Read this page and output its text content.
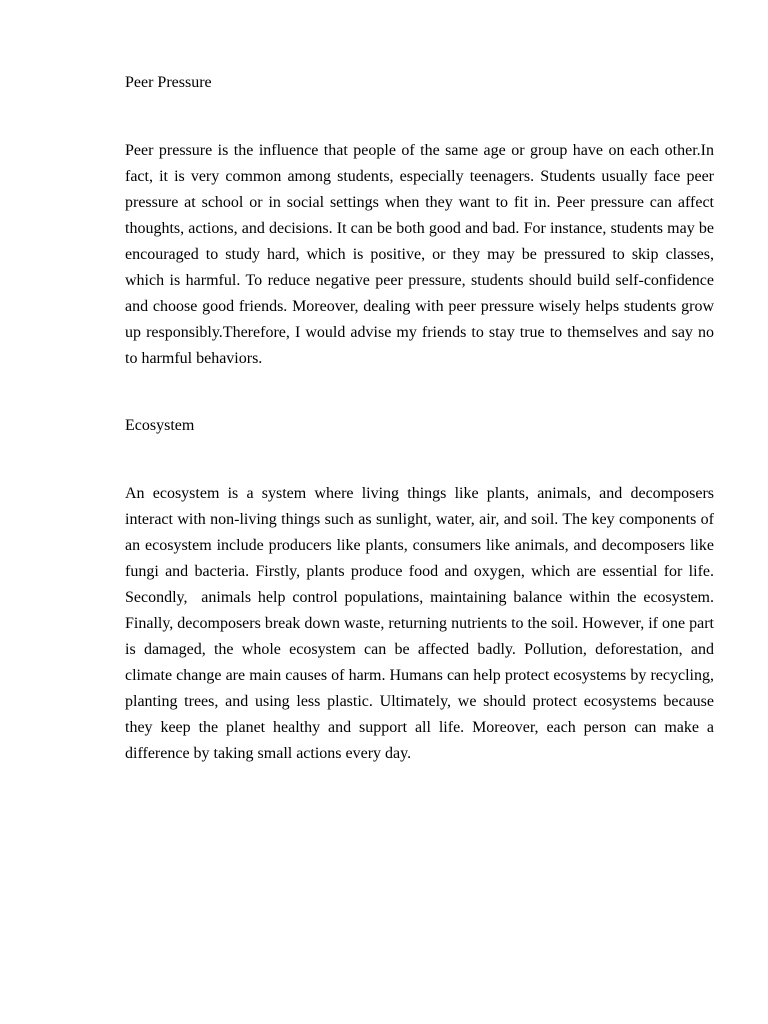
Peer Pressure

Peer pressure is the influence that people of the same age or group have on each other.In fact, it is very common among students, especially teenagers. Students usually face peer pressure at school or in social settings when they want to fit in. Peer pressure can affect thoughts, actions, and decisions. It can be both good and bad. For instance, students may be encouraged to study hard, which is positive, or they may be pressured to skip classes, which is harmful. To reduce negative peer pressure, students should build self-confidence and choose good friends. Moreover, dealing with peer pressure wisely helps students grow up responsibly.Therefore, I would advise my friends to stay true to themselves and say no to harmful behaviors.

Ecosystem

An ecosystem is a system where living things like plants, animals, and decomposers interact with non-living things such as sunlight, water, air, and soil. The key components of an ecosystem include producers like plants, consumers like animals, and decomposers like fungi and bacteria. Firstly, plants produce food and oxygen, which are essential for life. Secondly,  animals help control populations, maintaining balance within the ecosystem. Finally, decomposers break down waste, returning nutrients to the soil. However, if one part is damaged, the whole ecosystem can be affected badly. Pollution, deforestation, and climate change are main causes of harm. Humans can help protect ecosystems by recycling, planting trees, and using less plastic. Ultimately, we should protect ecosystems because they keep the planet healthy and support all life. Moreover, each person can make a difference by taking small actions every day.
